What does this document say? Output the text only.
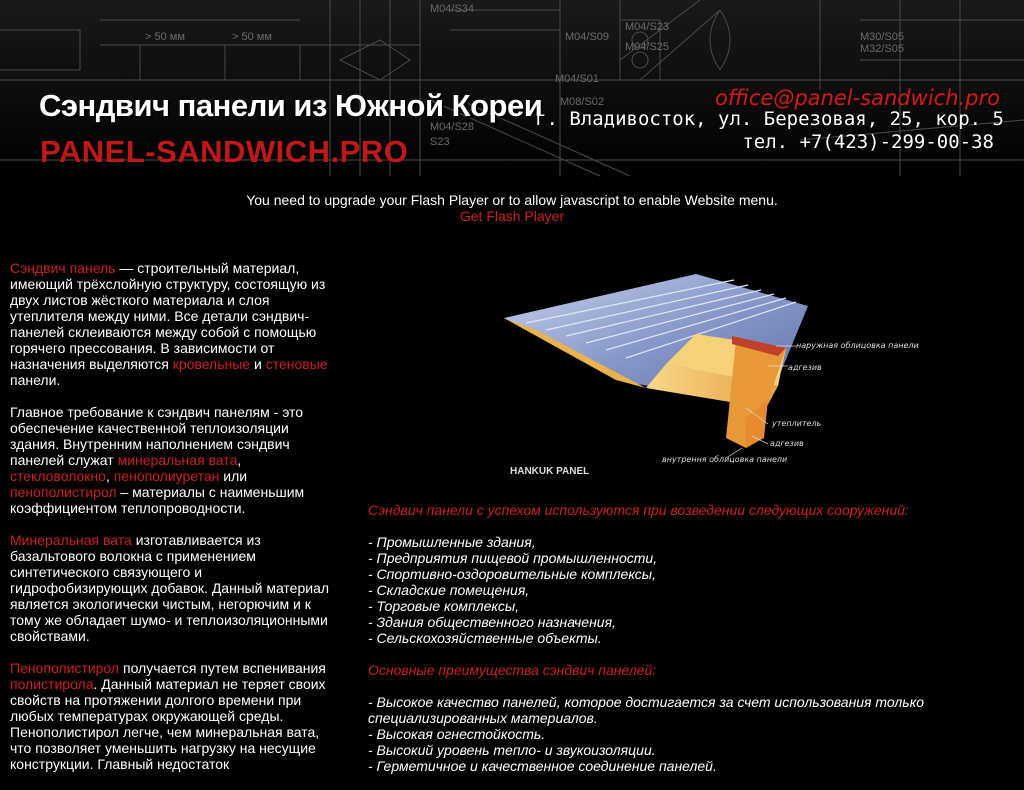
> 50 мм	> 50 мм
M04/S34
M04/S09
M04/S23
M04/S25
M04/S01
M30/S05
M32/S05
M08/S02
M04/S28
S23
Сэндвич панели из Южной Кореи
PANEL-SANDWICH.PRO
office@panel-sandwich.pro
г. Владивосток, ул. Березовая, 25, кор. 5
тел. +7(423)-299-00-38
You need to upgrade your Flash Player or to allow javascript to enable Website menu.
Get Flash Player

Сэндвич панель — строительный материал, имеющий трёхслойную структуру, состоящую из двух листов жёсткого материала и слоя утеплителя между ними. Все детали сэндвич-панелей склеиваются между собой с помощью горячего прессования. В зависимости от назначения выделяются кровельные и стеновые панели.

Главное требование к сэндвич панелям - это обеспечение качественной теплоизоляции здания. Внутренним наполнением сэндвич панелей служат минеральная вата, стекловолокно, пенополиуретан или пенополистирол – материалы с наименьшим коэффициентом теплопроводности.

Минеральная вата изготавливается из базальтового волокна с применением синтетического связующего и гидрофобизирующих добавок. Данный материал является экологически чистым, негорючим и к тому же обладает шумо- и теплоизоляционными свойствами.

Пенополистирол получается путем вспенивания полистирола. Данный материал не теряет своих свойств на протяжении долгого времени при любых температурах окружающей среды. Пенополистирол легче, чем минеральная вата, что позволяет уменьшить нагрузку на несущие конструкции. Главный недостаток

наружная облицовка панели
адгезив
утеплитель
адгезив
внутрення облицовка панели
HANKUK PANEL

Сэндвич панели с успехом используются при возведении следующих сооружений:

- Промышленные здания,
- Предприятия пищевой промышленности,
- Спортивно-оздоровительные комплексы,
- Складские помещения,
- Торговые комплексы,
- Здания общественного назначения,
- Сельскохозяйственные объекты.

Основные преимущества сэндвич панелей:

- Высокое качество панелей, которое достигается за счет использования только специализированных материалов.
- Высокая огнестойкость.
- Высокий уровень тепло- и звукоизоляции.
- Герметичное и качественное соединение панелей.
